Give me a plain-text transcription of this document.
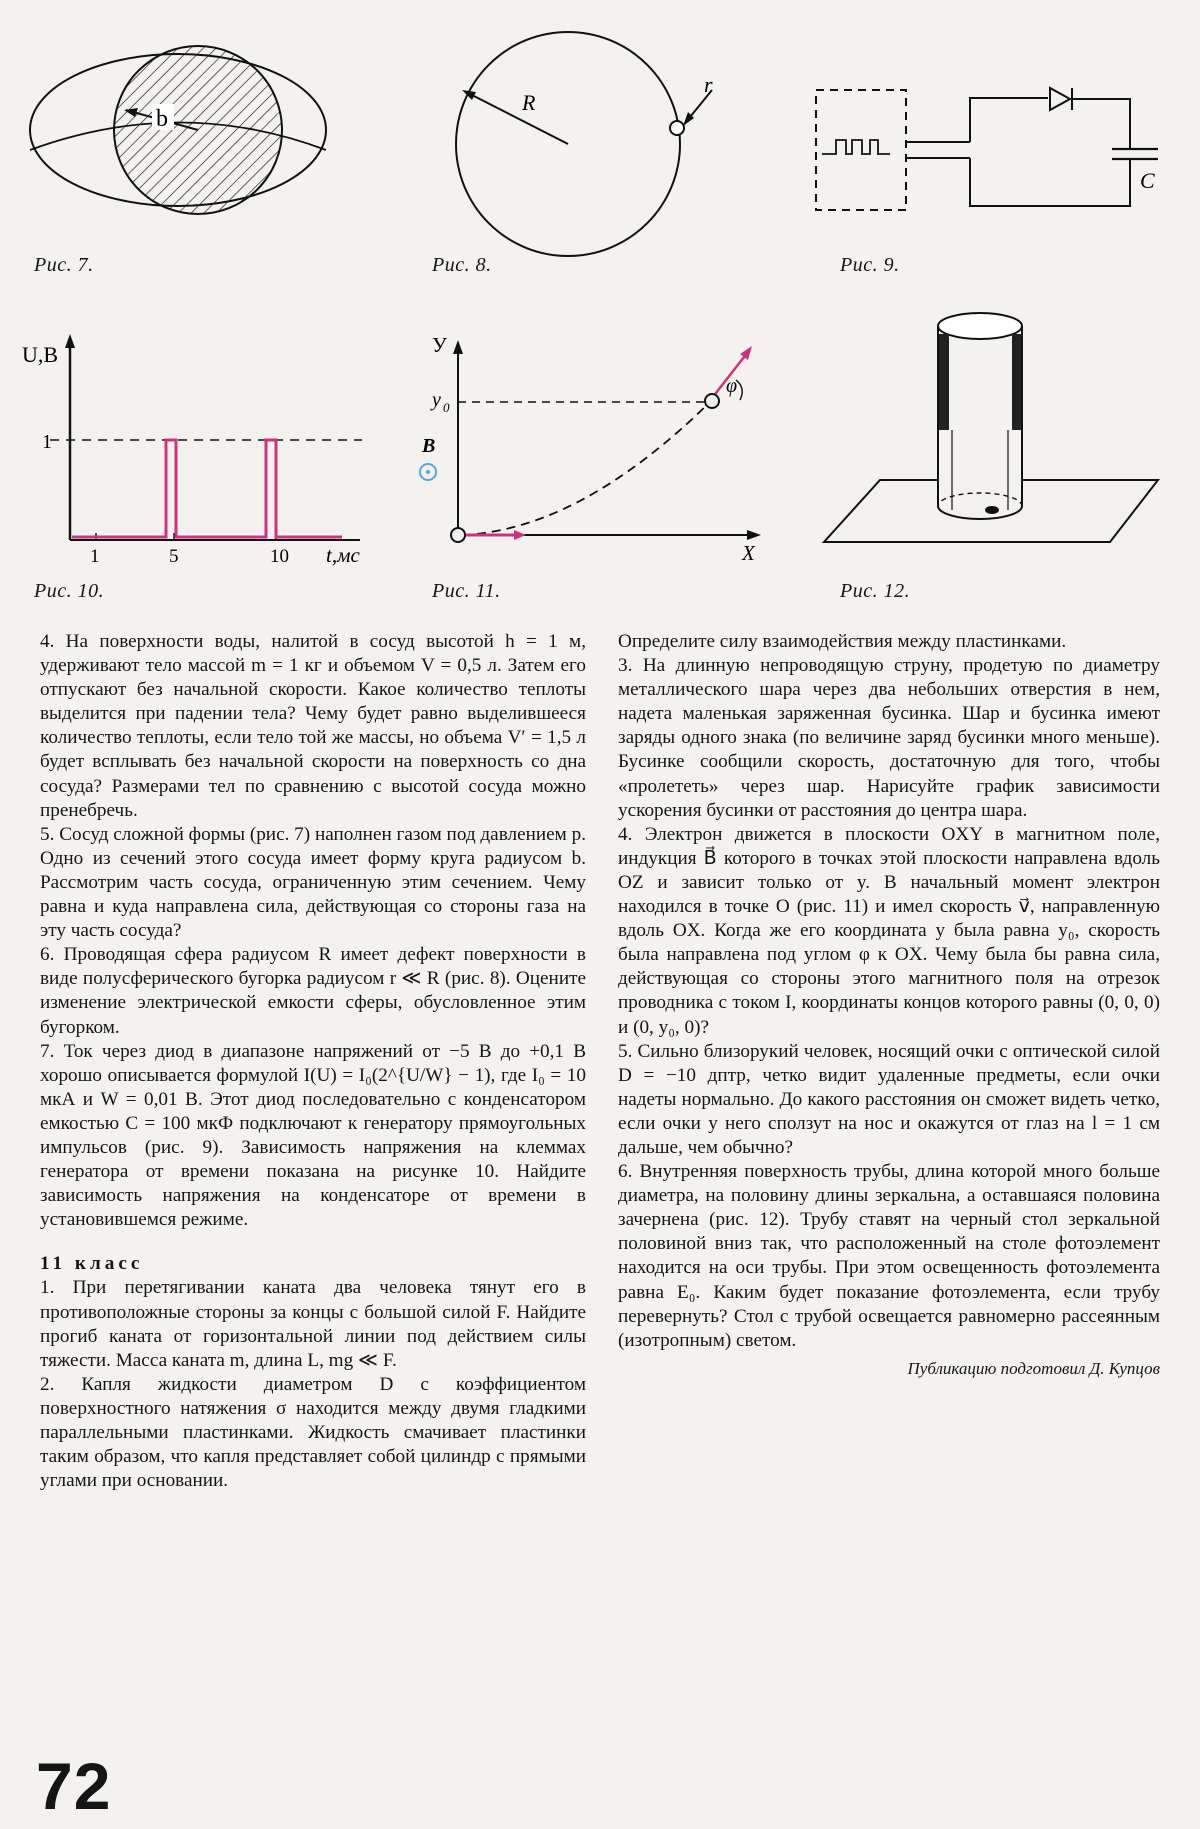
b
Рис. 7.
R
r
Рис. 8.
C
Рис. 9.
U,B
1
1	5	10 t,мс
Рис. 10.
У
y 0
B
X
φ
Рис. 11.	Рис. 12.

4. На поверхности воды, налитой в сосуд высотой h = 1 м, удерживают тело массой m = 1 кг и объемом V = 0,5 л. Затем его отпускают без начальной скорости. Какое количество теплоты выделится при падении тела? Чему будет равно выделившееся количество теплоты, если тело той же массы, но объема V′ = 1,5 л будет всплывать без начальной скорости на поверхность со дна сосуда? Размерами тел по сравнению с высотой сосуда можно пренебречь.

5. Сосуд сложной формы (рис. 7) наполнен газом под давлением p. Одно из сечений этого сосуда имеет форму круга радиусом b. Рассмотрим часть сосуда, ограниченную этим сечением. Чему равна и куда направлена сила, действующая со стороны газа на эту часть сосуда?

6. Проводящая сфера радиусом R имеет дефект поверхности в виде полусферического бугорка радиусом r ≪ R (рис. 8). Оцените изменение электрической емкости сферы, обусловленное этим бугорком.

7. Ток через диод в диапазоне напряжений от −5 В до +0,1 В хорошо описывается формулой I(U) = I₀(2^{U/W} − 1), где I₀ = 10 мкА и W = 0,01 В. Этот диод последовательно с конденсатором емкостью C = 100 мкФ подключают к генератору прямоугольных импульсов (рис. 9). Зависимость напряжения на клеммах генератора от времени показана на рисунке 10. Найдите зависимость напряжения на конденсаторе от времени в установившемся режиме.

11 класс

1. При перетягивании каната два человека тянут его в противоположные стороны за концы с большой силой F. Найдите прогиб каната от горизонтальной линии под действием силы тяжести. Масса каната m, длина L, mg ≪ F.

2. Капля жидкости диаметром D с коэффициентом поверхностного натяжения σ находится между двумя гладкими параллельными пластинками. Жидкость смачивает пластинки таким образом, что капля представляет собой цилиндр с прямыми углами при основании.

Определите силу взаимодействия между пластинками.

3. На длинную непроводящую струну, продетую по диаметру металлического шара через два небольших отверстия в нем, надета маленькая заряженная бусинка. Шар и бусинка имеют заряды одного знака (по величине заряд бусинки много меньше). Бусинке сообщили скорость, достаточную для того, чтобы «пролететь» через шар. Нарисуйте график зависимости ускорения бусинки от расстояния до центра шара.

4. Электрон движется в плоскости OXY в магнитном поле, индукция B⃗ которого в точках этой плоскости направлена вдоль OZ и зависит только от y. В начальный момент электрон находился в точке O (рис. 11) и имел скорость v⃗, направленную вдоль OX. Когда же его координата y была равна y₀, скорость была направлена под углом φ к OX. Чему была бы равна сила, действующая со стороны этого магнитного поля на отрезок проводника с током I, координаты концов которого равны (0, 0, 0) и (0, y₀, 0)?

5. Сильно близорукий человек, носящий очки с оптической силой D = −10 дптр, четко видит удаленные предметы, если очки надеты нормально. До какого расстояния он сможет видеть четко, если очки у него сползут на нос и окажутся от глаз на l = 1 см дальше, чем обычно?

6. Внутренняя поверхность трубы, длина которой много больше диаметра, на половину длины зеркальна, а оставшаяся половина зачернена (рис. 12). Трубу ставят на черный стол зеркальной половиной вниз так, что расположенный на столе фотоэлемент находится на оси трубы. При этом освещенность фотоэлемента равна E₀. Каким будет показание фотоэлемента, если трубу перевернуть? Стол с трубой освещается равномерно рассеянным (изотропным) светом.

Публикацию подготовил Д. Купцов

72
